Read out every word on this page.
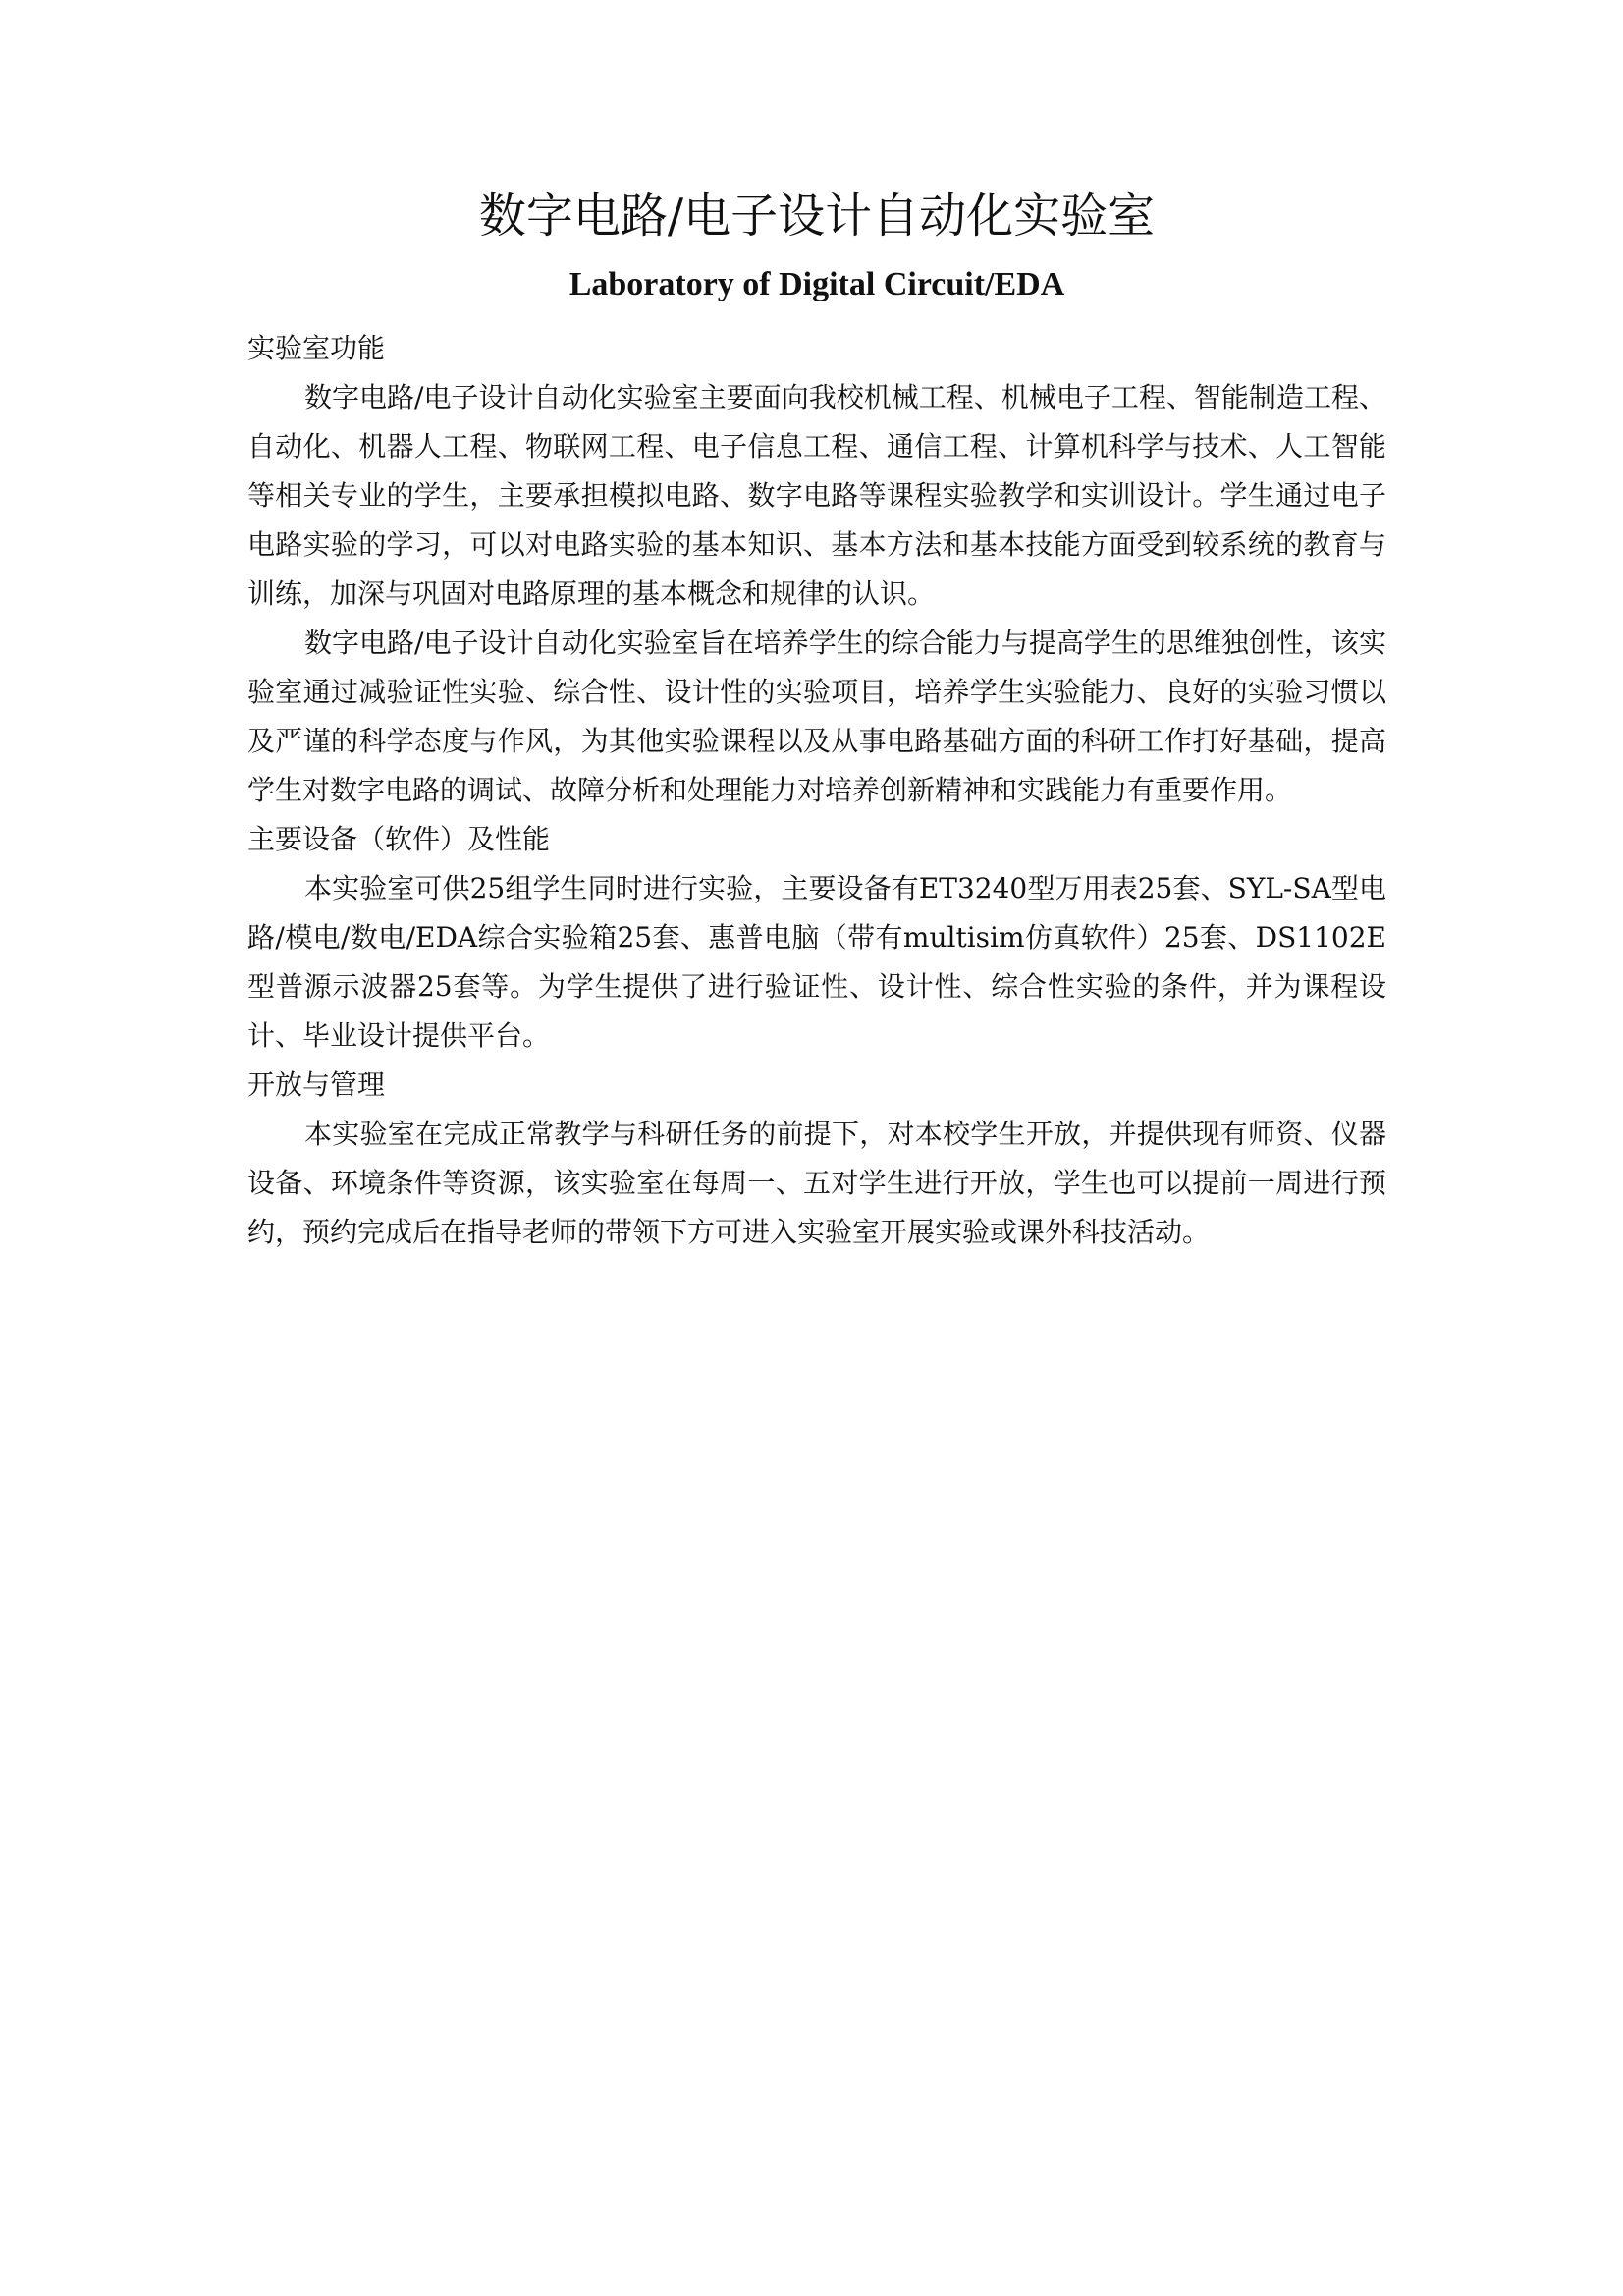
数字电路/电子设计自动化实验室
Laboratory of Digital Circuit/EDA
实验室功能

数字电路/电子设计自动化实验室主要面向我校机械工程、机械电子工程、智能制造工程、自动化、机器人工程、物联网工程、电子信息工程、通信工程、计算机科学与技术、人工智能等相关专业的学生，主要承担模拟电路、数字电路等课程实验教学和实训设计。学生通过电子电路实验的学习，可以对电路实验的基本知识、基本方法和基本技能方面受到较系统的教育与训练，加深与巩固对电路原理的基本概念和规律的认识。

数字电路/电子设计自动化实验室旨在培养学生的综合能力与提高学生的思维独创性，该实验室通过减验证性实验、综合性、设计性的实验项目，培养学生实验能力、良好的实验习惯以及严谨的科学态度与作风，为其他实验课程以及从事电路基础方面的科研工作打好基础，提高学生对数字电路的调试、故障分析和处理能力对培养创新精神和实践能力有重要作用。

主要设备（软件）及性能

本实验室可供25组学生同时进行实验，主要设备有ET3240型万用表25套、SYL-SA型电路/模电/数电/EDA综合实验箱25套、惠普电脑（带有multisim仿真软件）25套、DS1102E型普源示波器25套等。为学生提供了进行验证性、设计性、综合性实验的条件，并为课程设计、毕业设计提供平台。

开放与管理

本实验室在完成正常教学与科研任务的前提下，对本校学生开放，并提供现有师资、仪器设备、环境条件等资源，该实验室在每周一、五对学生进行开放，学生也可以提前一周进行预约，预约完成后在指导老师的带领下方可进入实验室开展实验或课外科技活动。
